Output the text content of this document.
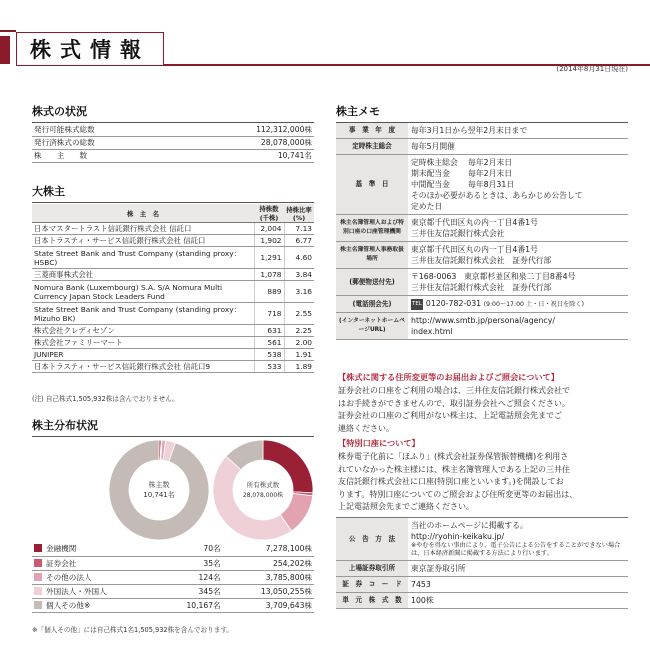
株式情報
(2014年8月31日現在)
株式の状況
発行可能株式総数	112,312,000株
発行済株式の総数	28,078,000株
株　　主　　数	10,741名
大株主
株　主　名	持株数(千株)	持株比率(%)
日本マスタートラスト信託銀行株式会社 信託口	2,004	7.13
日本トラスティ・サービス信託銀行株式会社 信託口	1,902	6.77
State Street Bank and Trust Company (standing proxy：HSBC)	1,291	4.60
三菱商事株式会社	1,078	3.84
Nomura Bank (Luxembourg) S.A. S/A Nomura Multi Currency Japan Stock Leaders Fund	889	3.16
State Street Bank and Trust Company (standing proxy：Mizuho BK)	718	2.55
株式会社クレディセゾン	631	2.25
株式会社ファミリーマート	561	2.00
JUNIPER	538	1.91
日本トラスティ・サービス信託銀行株式会社 信託口9	533	1.89
(注) 自己株式1,505,932株は含んでおりません。
株主分布状況
株主数
10,741名
所有株式数
28,078,000株
金融機関	70名	7,278,100株
証券会社	35名	254,202株
その他の法人	124名	3,785,800株
外国法人・外国人	345名	13,050,255株
個人その他※	10,167名	3,709,643株
※「個人その他」には自己株式1名1,505,932株を含んでおります。
株主メモ
事　業　年　度	毎年3月1日から翌年2月末日まで

定時株主総会	毎年5月開催

基　準　日	定時株主総会　 毎年2月末日
期末配当金　　 毎年2月末日
中間配当金　　 毎年8月31日
そのほか必要があるときは、あらかじめ公告して
定めた日

株主名簿管理人および特別口座の口座管理機関	東京都千代田区丸の内一丁目4番1号
三井住友信託銀行株式会社

株主名簿管理人事務取扱場所	東京都千代田区丸の内一丁目4番1号
三井住友信託銀行株式会社　証券代行部

(郵便物送付先)	〒168-0063　東京都杉並区和泉二丁目8番4号
三井住友信託銀行株式会社　証券代行部

(電話照会先)	TEL 0120-782-031 (9:00～17:00 土・日・祝日を除く)
(インターネットホームページURL)	http://www.smtb.jp/personal/agency/
index.html
【株式に関する住所変更等のお届出およびご照会について】
証券会社の口座をご利用の場合は、三井住友信託銀行株式会社で
はお手続きができませんので、取引証券会社へご照会ください。
証券会社の口座のご利用がない株主は、上記電話照会先までご
連絡ください。
【特別口座について】
株券電子化前に「ほふり」(株式会社証券保管振替機構)を利用さ
れていなかった株主様には、株主名簿管理人である上記の三井住
友信託銀行株式会社に口座(特別口座といいます。)を開設してお
ります。特別口座についてのご照会および住所変更等のお届出は、
上記電話照会先までご連絡ください。
公　告　方　法	当社のホームページに掲載する。
http://ryohin-keikaku.jp/
※やむを得ない事由により、電子公告による公告をすることができない場合は、日本経済新聞に掲載する方法により行います。

上場証券取引所	東京証券取引所
証　券　コ　ー　ド	7453
単　元　株　式　数	100株
